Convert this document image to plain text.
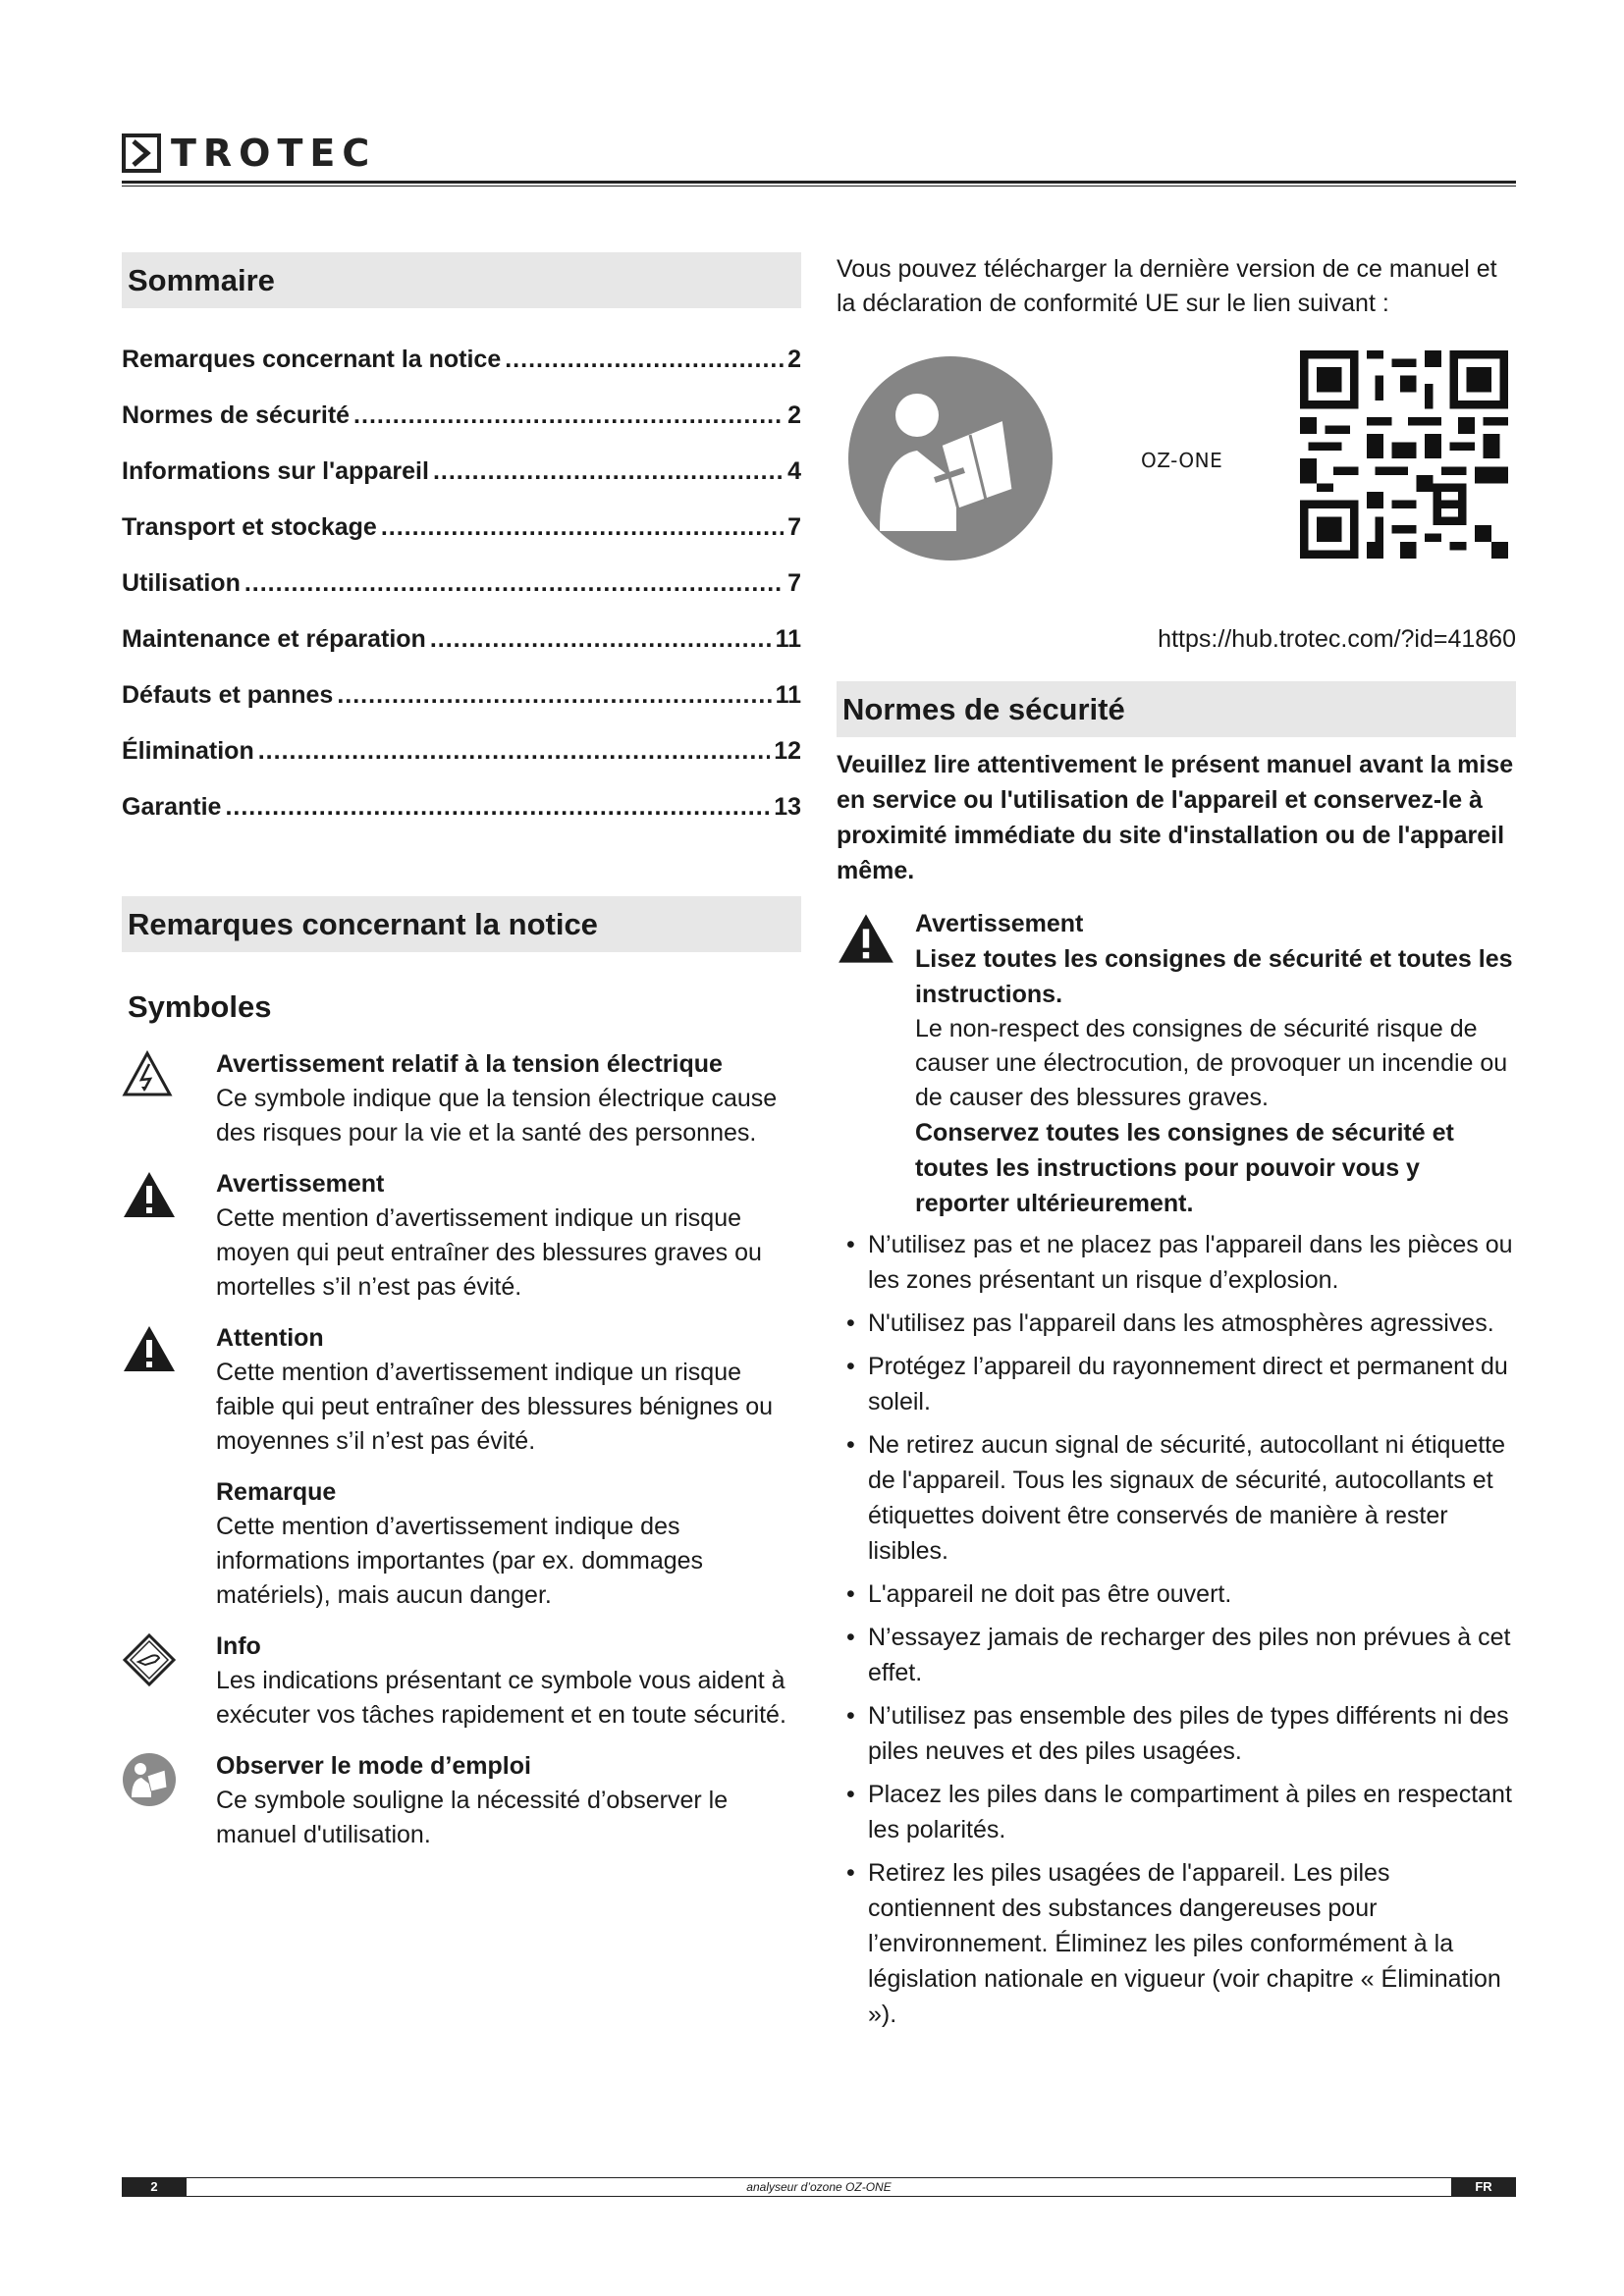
TROTEC
Sommaire
Remarques concernant la notice .....	2
Normes de sécurité .....	2
Informations sur l'appareil .....	4
Transport et stockage .....	7
Utilisation .....	7
Maintenance et réparation .....	11
Défauts et pannes .....	11
Élimination .....	12
Garantie .....	13
Remarques concernant la notice
Symboles
Avertissement relatif à la tension électrique
Ce symbole indique que la tension électrique cause des risques pour la vie et la santé des personnes.
Avertissement
Cette mention d’avertissement indique un risque moyen qui peut entraîner des blessures graves ou mortelles s’il n’est pas évité.
Attention
Cette mention d’avertissement indique un risque faible qui peut entraîner des blessures bénignes ou moyennes s’il n’est pas évité.
Remarque
Cette mention d’avertissement indique des informations importantes (par ex. dommages matériels), mais aucun danger.
Info
Les indications présentant ce symbole vous aident à exécuter vos tâches rapidement et en toute sécurité.
Observer le mode d’emploi
Ce symbole souligne la nécessité d’observer le manuel d'utilisation.

Vous pouvez télécharger la dernière version de ce manuel et la déclaration de conformité UE sur le lien suivant :

OZ-ONE
https://hub.trotec.com/?id=41860
Normes de sécurité
Veuillez lire attentivement le présent manuel avant la mise en service ou l'utilisation de l'appareil et conservez-le à proximité immédiate du site d'installation ou de l'appareil même.
Avertissement
Lisez toutes les consignes de sécurité et toutes les instructions.
Le non-respect des consignes de sécurité risque de causer une électrocution, de provoquer un incendie ou de causer des blessures graves.
Conservez toutes les consignes de sécurité et toutes les instructions pour pouvoir vous y reporter ultérieurement.
• N’utilisez pas et ne placez pas l'appareil dans les pièces ou les zones présentant un risque d’explosion.
• N'utilisez pas l'appareil dans les atmosphères agressives.
• Protégez l’appareil du rayonnement direct et permanent du soleil.
• Ne retirez aucun signal de sécurité, autocollant ni étiquette de l'appareil. Tous les signaux de sécurité, autocollants et étiquettes doivent être conservés de manière à rester lisibles.
• L'appareil ne doit pas être ouvert.
• N’essayez jamais de recharger des piles non prévues à cet effet.
• N’utilisez pas ensemble des piles de types différents ni des piles neuves et des piles usagées.
• Placez les piles dans le compartiment à piles en respectant les polarités.
• Retirez les piles usagées de l'appareil. Les piles contiennent des substances dangereuses pour l’environnement. Éliminez les piles conformément à la législation nationale en vigueur (voir chapitre « Élimination »).
2	analyseur d’ozone OZ-ONE	FR
